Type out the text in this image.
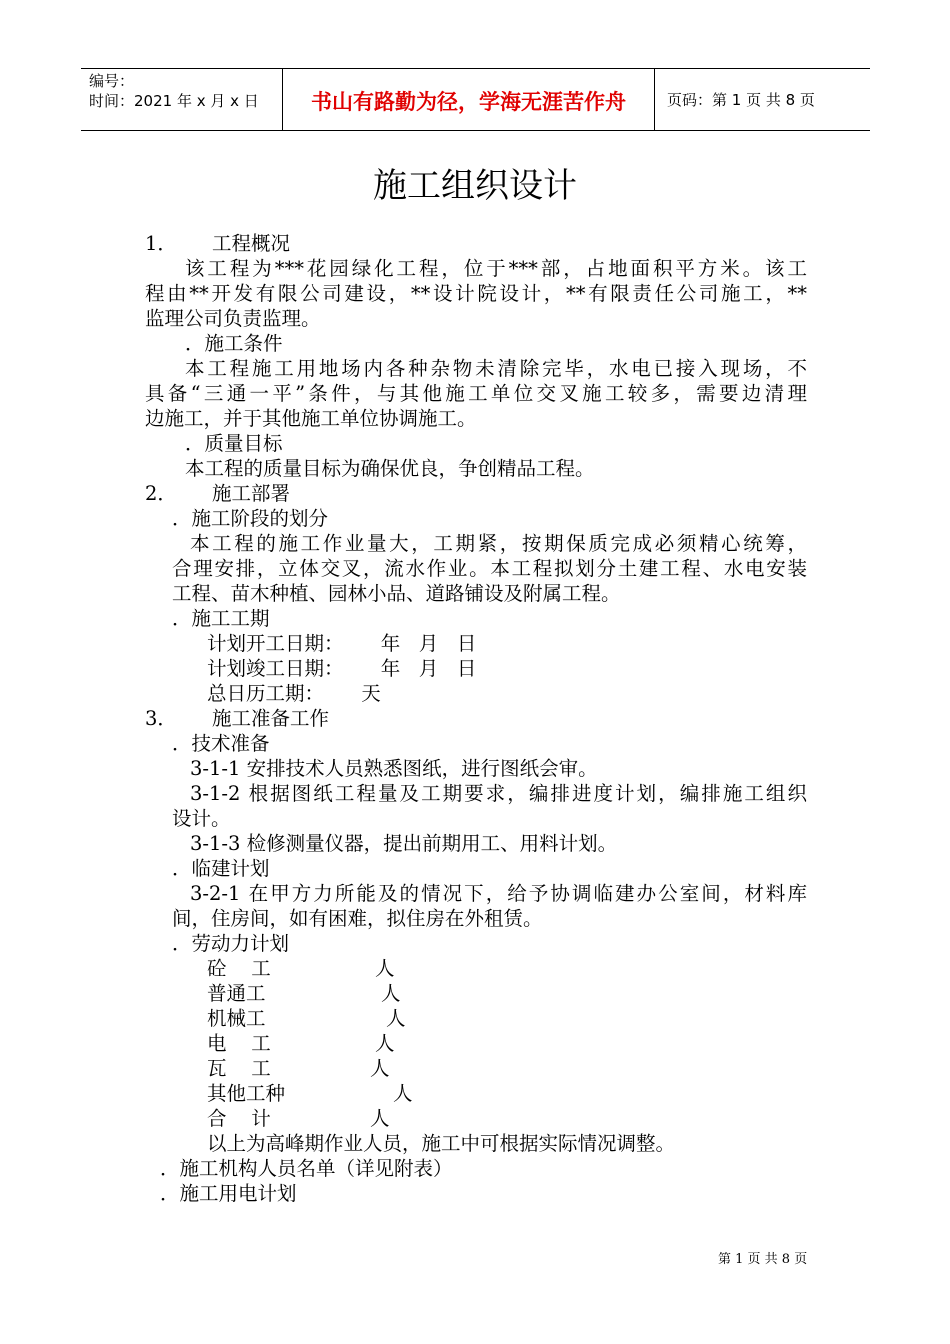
编号：
时间：2021 年 x 月 x 日	书山有路勤为径，学海无涯苦作舟	页码：第 1 页 共 8 页
施工组织设计
1． 工程概况
该工程为***花园绿化工程，位于***部，占地面积平方米。该工
程由**开发有限公司建设，**设计院设计，**有限责任公司施工，**
监理公司负责监理。
．施工条件
本工程施工用地场内各种杂物未清除完毕，水电已接入现场，不
具备“三通一平”条件，与其他施工单位交叉施工较多，需要边清理
边施工，并于其他施工单位协调施工。
．质量目标
本工程的质量目标为确保优良，争创精品工程。
2． 施工部署
．施工阶段的划分
本工程的施工作业量大，工期紧，按期保质完成必须精心统筹，
合理安排，立体交叉，流水作业。本工程拟划分土建工程、水电安装
工程、苗木种植、园林小品、道路铺设及附属工程。
．施工工期
计划开工日期：      年   月   日
计划竣工日期：      年   月   日
总日历工期：      天
3． 施工准备工作
．技术准备
3-1-1 安排技术人员熟悉图纸，进行图纸会审。
3-1-2 根据图纸工程量及工期要求，编排进度计划，编排施工组织
设计。
3-1-3 检修测量仪器，提出前期用工、用料计划。
．临建计划
3-2-1 在甲方力所能及的情况下，给予协调临建办公室间，材料库
间，住房间，如有困难，拟住房在外租赁。
．劳动力计划
砼    工	人
普通工	人
机械工	人
电    工	人
瓦    工	人
其他工种	人
合    计	人
以上为高峰期作业人员，施工中可根据实际情况调整。
．施工机构人员名单（详见附表）
．施工用电计划
第 1 页 共 8 页
